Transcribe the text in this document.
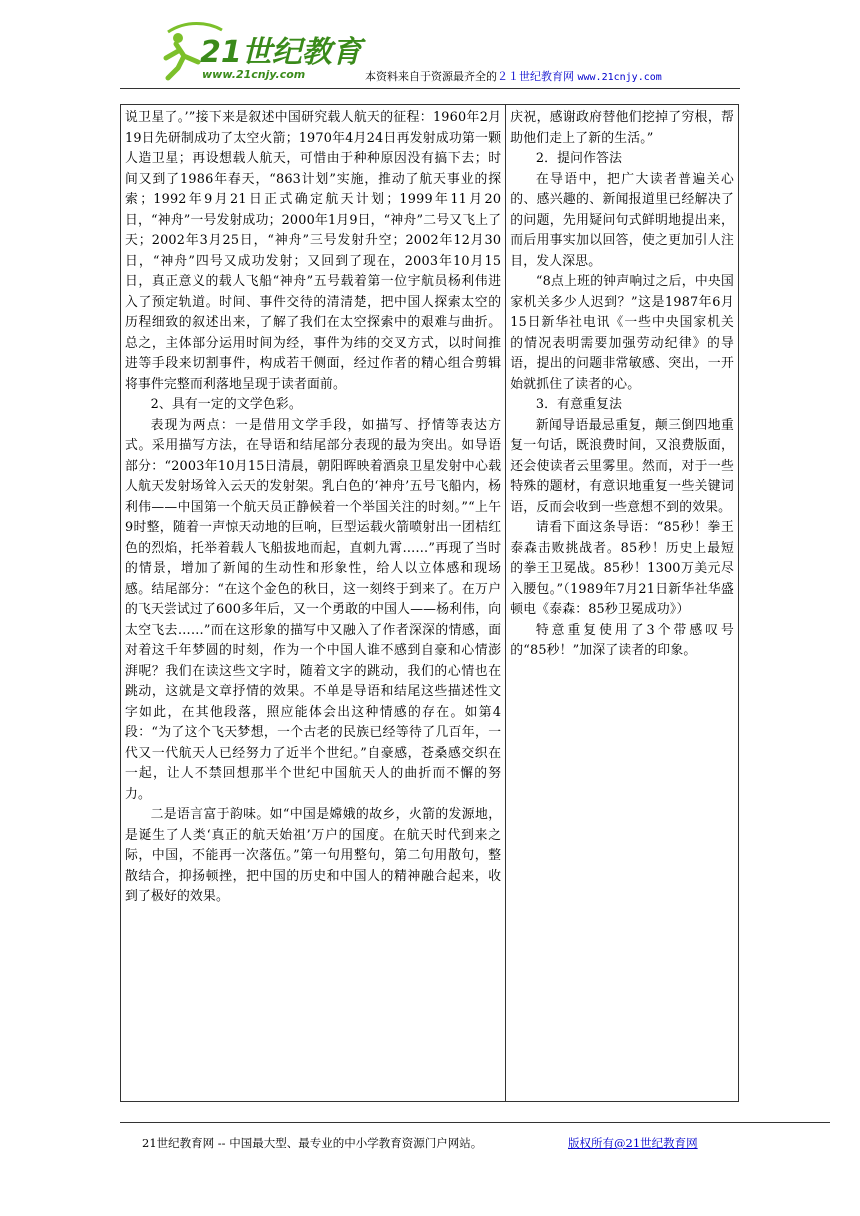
21世纪教育
www.21cnjy.com	本资料来自于资源最齐全的２１世纪教育网 www.21cnjy.com

说卫星了。’”接下来是叙述中国研究载人航天的征程：1960年2月19日先研制成功了太空火箭；1970年4月24日再发射成功第一颗人造卫星；再设想载人航天，可惜由于种种原因没有搞下去；时间又到了1986年春天，“863计划”实施，推动了航天事业的探索；1992年9月21日正式确定航天计划；1999年11月20日，“神舟”一号发射成功；2000年1月9日，“神舟”二号又飞上了天；2002年3月25日，“神舟”三号发射升空；2002年12月30日，“神舟”四号又成功发射；又回到了现在，2003年10月15日，真正意义的载人飞船“神舟”五号载着第一位宇航员杨利伟进入了预定轨道。时间、事件交待的清清楚，把中国人探索太空的历程细致的叙述出来，了解了我们在太空探索中的艰难与曲折。总之，主体部分运用时间为经，事件为纬的交叉方式，以时间推进等手段来切割事件，构成若干侧面，经过作者的精心组合剪辑将事件完整而利落地呈现于读者面前。

2、具有一定的文学色彩。

表现为两点：一是借用文学手段，如描写、抒情等表达方式。采用描写方法，在导语和结尾部分表现的最为突出。如导语部分：“2003年10月15日清晨，朝阳晖映着酒泉卫星发射中心载人航天发射场耸入云天的发射架。乳白色的‘神舟’五号飞船内，杨利伟——中国第一个航天员正静候着一个举国关注的时刻。”“上午9时整，随着一声惊天动地的巨响，巨型运载火箭喷射出一团桔红色的烈焰，托举着载人飞船拔地而起，直刺九霄……”再现了当时的情景，增加了新闻的生动性和形象性，给人以立体感和现场感。结尾部分：“在这个金色的秋日，这一刻终于到来了。在万户的飞天尝试过了600多年后，又一个勇敢的中国人——杨利伟，向太空飞去……”而在这形象的描写中又融入了作者深深的情感，面对着这千年梦圆的时刻，作为一个中国人谁不感到自豪和心情澎湃呢？我们在读这些文字时，随着文字的跳动，我们的心情也在跳动，这就是文章抒情的效果。不单是导语和结尾这些描述性文字如此，在其他段落，照应能体会出这种情感的存在。如第4段：“为了这个飞天梦想，一个古老的民族已经等待了几百年，一代又一代航天人已经努力了近半个世纪。”自豪感，苍桑感交织在一起，让人不禁回想那半个世纪中国航天人的曲折而不懈的努力。

二是语言富于韵味。如“中国是嫦娥的故乡，火箭的发源地，是诞生了人类‘真正的航天始祖’万户的国度。在航天时代到来之际，中国，不能再一次落伍。”第一句用整句，第二句用散句，整散结合，抑扬顿挫，把中国的历史和中国人的精神融合起来，收到了极好的效果。

庆祝，感谢政府替他们挖掉了穷根，帮助他们走上了新的生活。”

2．提问作答法

在导语中，把广大读者普遍关心的、感兴趣的、新闻报道里已经解决了的问题，先用疑问句式鲜明地提出来，而后用事实加以回答，使之更加引人注目，发人深思。

“8点上班的钟声响过之后，中央国家机关多少人迟到？”这是1987年6月15日新华社电讯《一些中央国家机关的情况表明需要加强劳动纪律》的导语，提出的问题非常敏感、突出，一开始就抓住了读者的心。

3．有意重复法

新闻导语最忌重复，颠三倒四地重复一句话，既浪费时间，又浪费版面，还会使读者云里雾里。然而，对于一些特殊的题材，有意识地重复一些关键词语，反而会收到一些意想不到的效果。

请看下面这条导语：“85秒！拳王泰森击败挑战者。85秒！历史上最短的拳王卫冕战。85秒！1300万美元尽入腰包。”（1989年7月21日新华社华盛顿电《泰森：85秒卫冕成功》）

特意重复使用了3个带感叹号的“85秒！”加深了读者的印象。

21世纪教育网 -- 中国最大型、最专业的中小学教育资源门户网站。	版权所有@21世纪教育网
